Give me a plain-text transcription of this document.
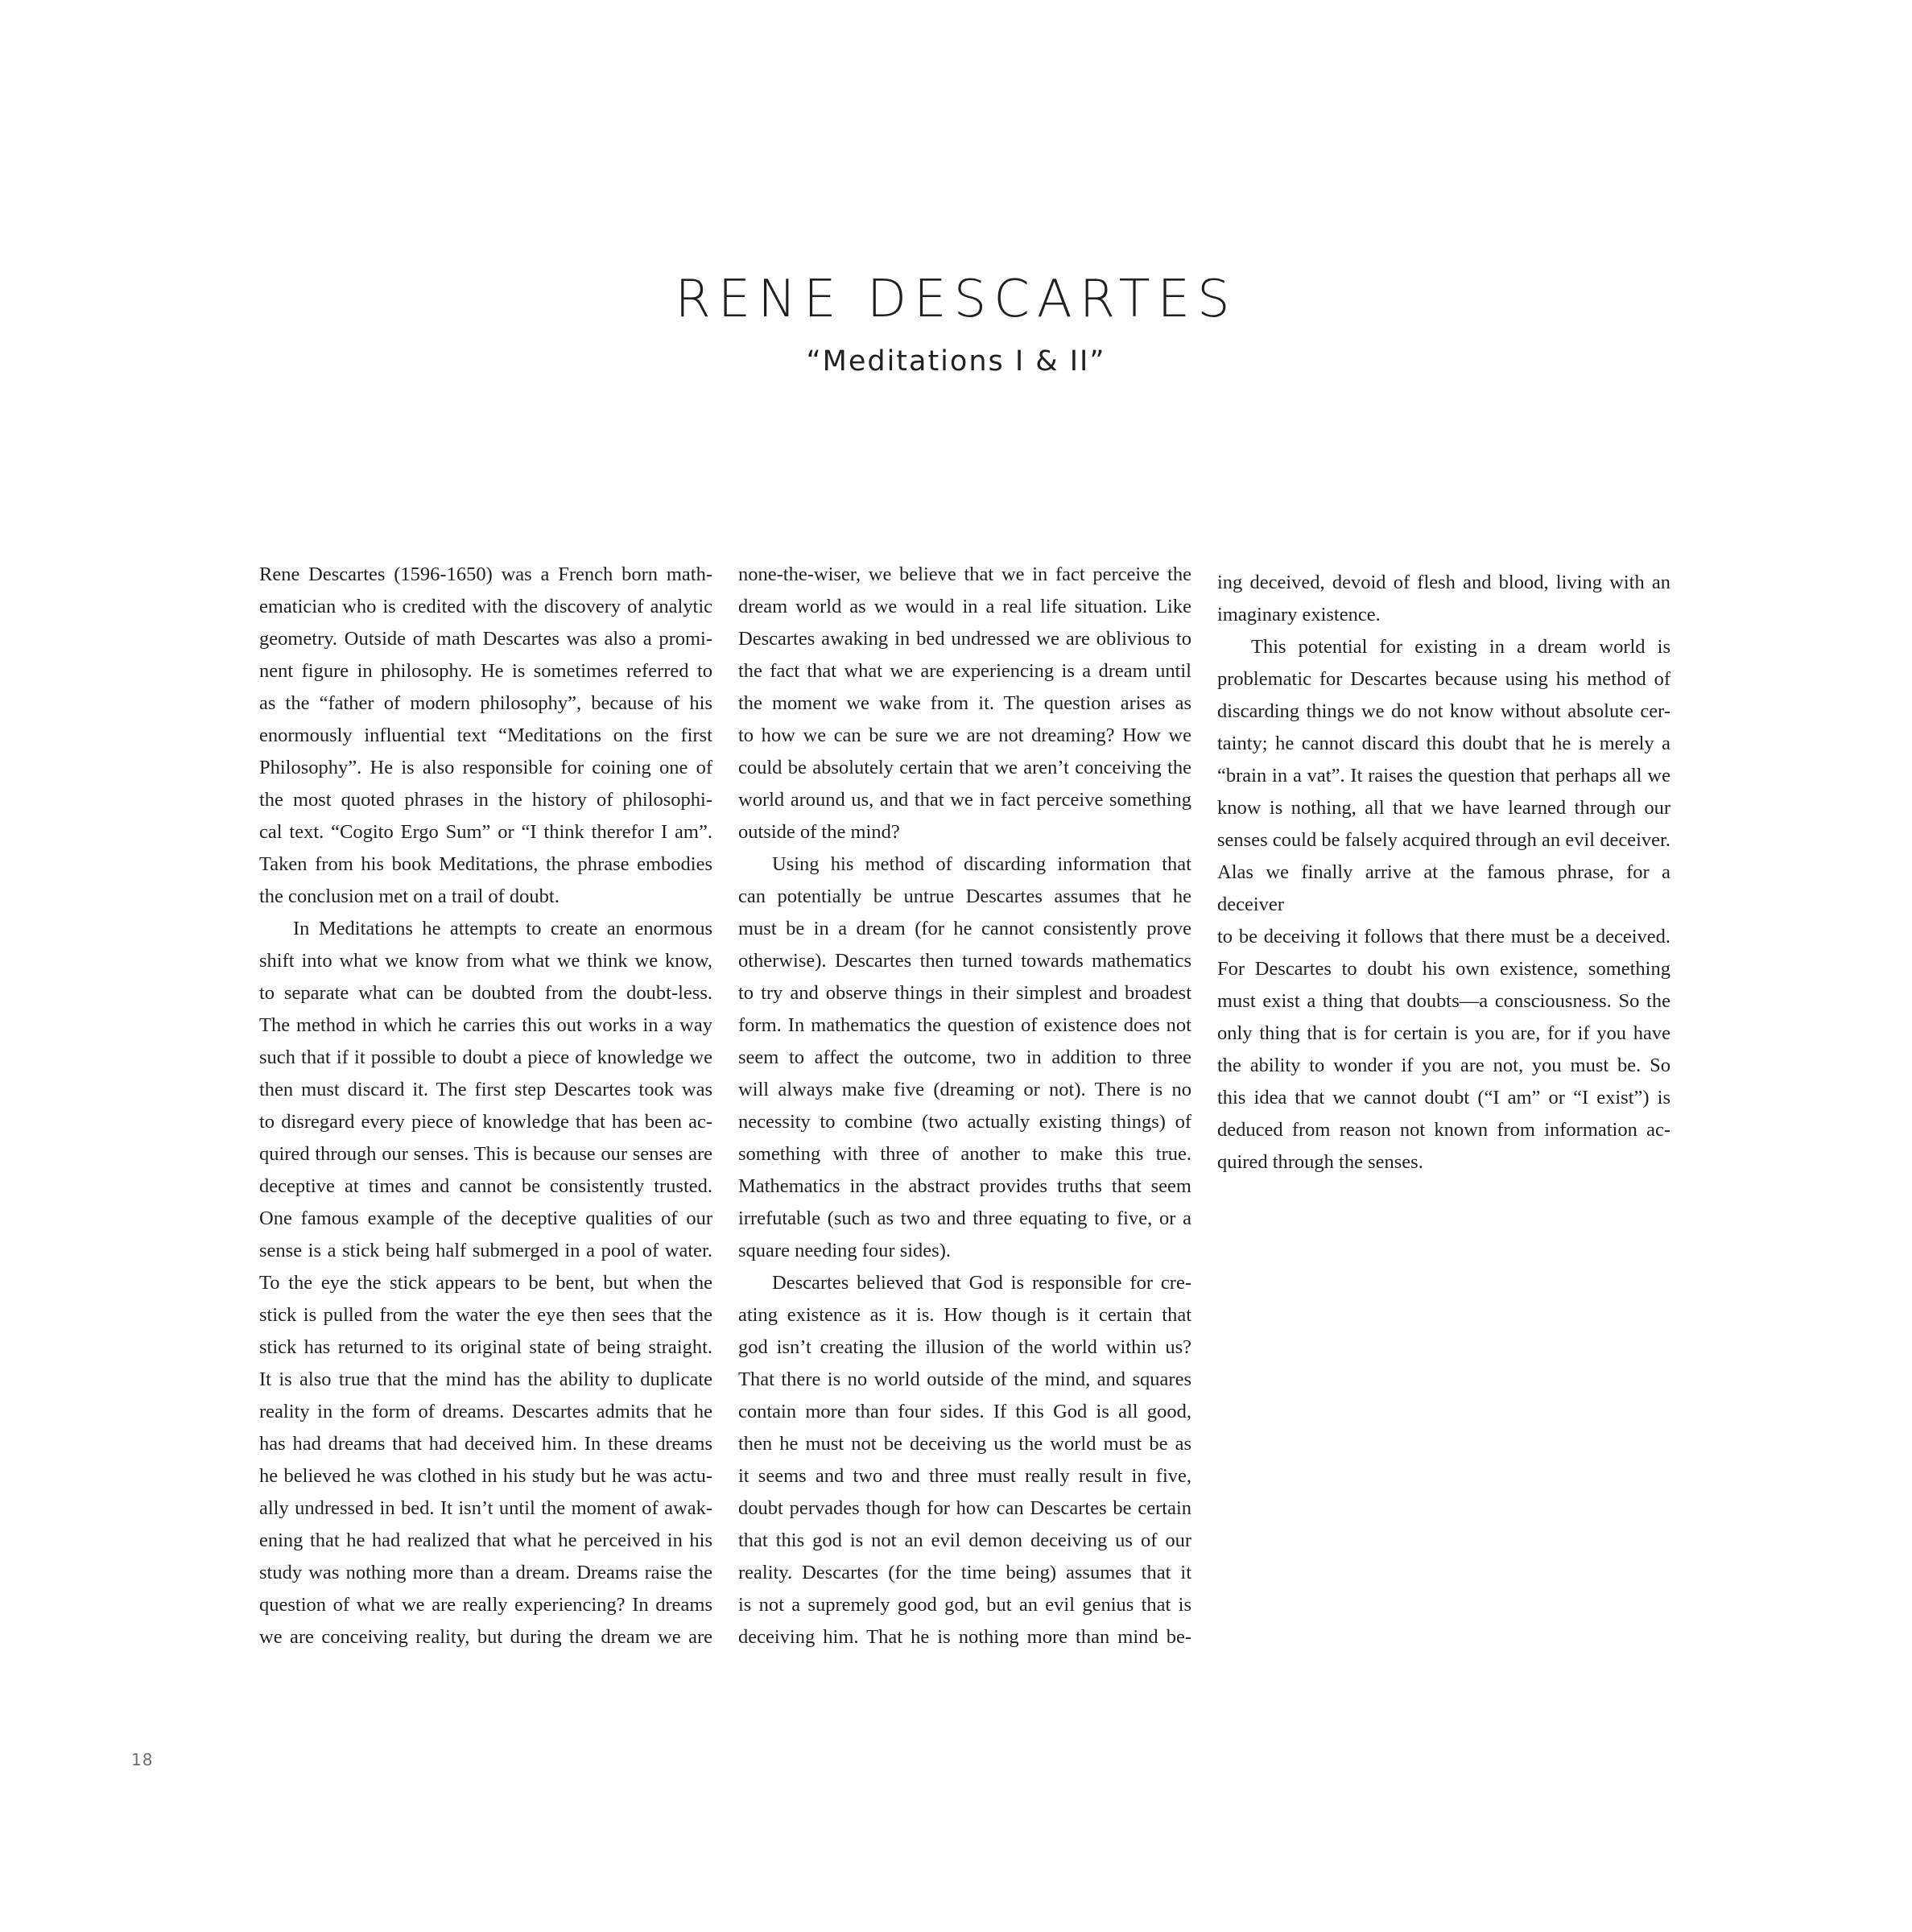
RENE DESCARTES
“Meditations I & II”

Rene Descartes (1596-1650) was a French born math-

ematician who is credited with the discovery of analytic

geometry. Outside of math Descartes was also a promi-

nent figure in philosophy. He is sometimes referred to

as the “father of modern philosophy”, because of his

enormously influential text “Meditations on the first

Philosophy”. He is also responsible for coining one of

the most quoted phrases in the history of philosophi-

cal text. “Cogito Ergo Sum” or “I think therefor I am”.

Taken from his book Meditations, the phrase embodies

the conclusion met on a trail of doubt.

In Meditations he attempts to create an enormous

shift into what we know from what we think we know,

to separate what can be doubted from the doubt-less.

The method in which he carries this out works in a way

such that if it possible to doubt a piece of knowledge we

then must discard it. The first step Descartes took was

to disregard every piece of knowledge that has been ac-

quired through our senses. This is because our senses are

deceptive at times and cannot be consistently trusted.

One famous example of the deceptive qualities of our

sense is a stick being half submerged in a pool of water.

To the eye the stick appears to be bent, but when the

stick is pulled from the water the eye then sees that the

stick has returned to its original state of being straight.

It is also true that the mind has the ability to duplicate

reality in the form of dreams. Descartes admits that he

has had dreams that had deceived him. In these dreams

he believed he was clothed in his study but he was actu-

ally undressed in bed. It isn’t until the moment of awak-

ening that he had realized that what he perceived in his

study was nothing more than a dream. Dreams raise the

question of what we are really experiencing? In dreams

we are conceiving reality, but during the dream we are

none-the-wiser, we believe that we in fact perceive the

dream world as we would in a real life situation. Like

Descartes awaking in bed undressed we are oblivious to

the fact that what we are experiencing is a dream until

the moment we wake from it. The question arises as

to how we can be sure we are not dreaming? How we

could be absolutely certain that we aren’t conceiving the

world around us, and that we in fact perceive something

outside of the mind?

Using his method of discarding information that

can potentially be untrue Descartes assumes that he

must be in a dream (for he cannot consistently prove

otherwise). Descartes then turned towards mathematics

to try and observe things in their simplest and broadest

form. In mathematics the question of existence does not

seem to affect the outcome, two in addition to three

will always make five (dreaming or not). There is no

necessity to combine (two actually existing things) of

something with three of another to make this true.

Mathematics in the abstract provides truths that seem

irrefutable (such as two and three equating to five, or a

square needing four sides).

Descartes believed that God is responsible for cre-

ating existence as it is. How though is it certain that

god isn’t creating the illusion of the world within us?

That there is no world outside of the mind, and squares

contain more than four sides. If this God is all good,

then he must not be deceiving us the world must be as

it seems and two and three must really result in five,

doubt pervades though for how can Descartes be certain

that this god is not an evil demon deceiving us of our

reality. Descartes (for the time being) assumes that it

is not a supremely good god, but an evil genius that is

deceiving him. That he is nothing more than mind be-

ing deceived, devoid of flesh and blood, living with an

imaginary existence.

This potential for existing in a dream world is

problematic for Descartes because using his method of

discarding things we do not know without absolute cer-

tainty; he cannot discard this doubt that he is merely a

“brain in a vat”. It raises the question that perhaps all we

know is nothing, all that we have learned through our

senses could be falsely acquired through an evil deceiver.

Alas we finally arrive at the famous phrase, for a deceiver

to be deceiving it follows that there must be a deceived.

For Descartes to doubt his own existence, something

must exist a thing that doubts—a consciousness. So the

only thing that is for certain is you are, for if you have

the ability to wonder if you are not, you must be. So

this idea that we cannot doubt (“I am” or “I exist”) is

deduced from reason not known from information ac-

quired through the senses.

18
